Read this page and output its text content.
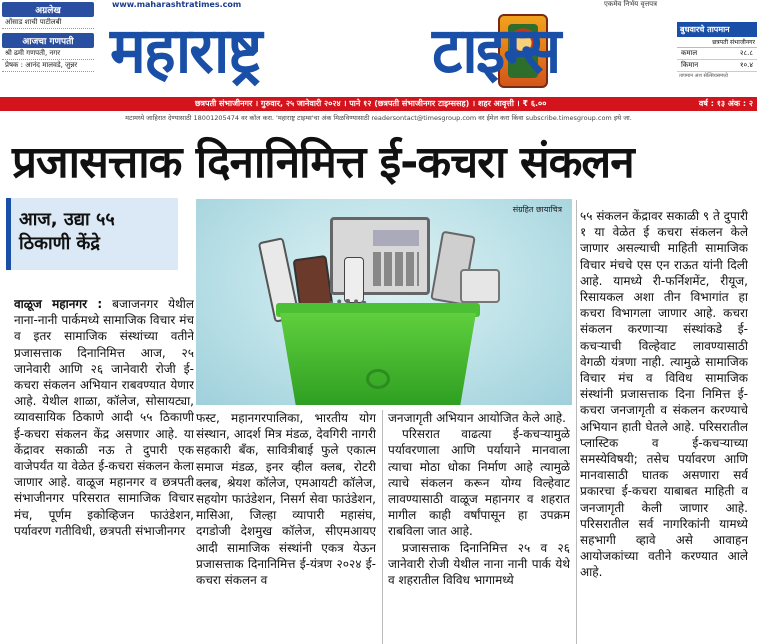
अग्रलेख
ओंसाड शाची पाटीलबी
आजचा गणपती
श्री ढमी गणपती, नगर
प्रेषक : आनंद मालवडे, जुन्नर
www.maharashtratimes.com	एकमेव निर्भय वृत्तपत्र
महाराष्ट्र	टाइम्स	बुधवारचे तापमान
छत्रपती संभाजीनगर
कमाल	२८.८
किमान	१०.४
तापमान अंश सेल्सियसमध्ये
छत्रपती संभाजीनगर । गुरुवार, २५ जानेवारी २०२४ । पाने १२ (छत्रपती संभाजीनगर टाइम्ससह) । शहर आवृत्ती । ₹ ६.००	वर्ष : १३ अंक : २
मटामध्ये जाहिरात देण्यासाठी 18001205474 वर कॉल करा. 'महाराष्ट्र टाइम्स'चा अंक मिळविण्यासाठी readersontact@timesgroup.com वर ईमेल करा किंवा subscribe.timesgroup.com इथे जा.
प्रजासत्ताक दिनानिमित्त ई-कचरा संकलन
आज, उद्या ५५ ठिकाणी केंद्रे
संग्रहित छायाचित्र

वाळूज महानगर : बजाजनगर येथील नाना-नानी पार्कमध्ये सामाजिक विचार मंच व इतर सामाजिक संस्थांच्या वतीने प्रजासत्ताक दिनानिमित्त आज, २५ जानेवारी आणि २६ जानेवारी रोजी ई-कचरा संकलन अभियान राबवण्यात येणार आहे. येथील शाळा, कॉलेज, सोसायट्या, व्यावसायिक ठिकाणे आदी ५५ ठिकाणी ई-कचरा संकलन केंद्र असणार आहे. या केंद्रावर सकाळी नऊ ते दुपारी एक वाजेपर्यंत या वेळेत ई-कचरा संकलन केला जाणार आहे. वाळूज महानगर व छत्रपती संभाजीनगर परिसरात सामाजिक विचार मंच, पूर्णम इकोव्हिजन फाउंडेशन, पर्यावरण गतीविधी, छत्रपती संभाजीनगर

फस्ट, महानगरपालिका, भारतीय योग संस्थान, आदर्श मित्र मंडळ, देवगिरी नागरी सहकारी बँक, सावित्रीबाई फुले एकात्म समाज मंडळ, इनर व्हील क्लब, रोटरी क्लब, श्रेयश कॉलेज, एमआयटी कॉलेज, सहयोग फाउंडेशन, निसर्ग सेवा फाउंडेशन, मासिआ, जिल्हा व्यापारी महासंघ, दगडोजी देशमुख कॉलेज, सीएमआयए आदी सामाजिक संस्थांनी एकत्र येऊन प्रजासत्ताक दिनानिमित्त ई-यंत्रण २०२४ ई-कचरा संकलन व

जनजागृती अभियान आयोजित केले आहे.

परिसरात वाढत्या ई-कचऱ्यामुळे पर्यावरणाला आणि पर्यायाने मानवाला त्याचा मोठा धोका निर्माण आहे त्यामुळे त्याचे संकलन करून योग्य विल्हेवाट लावण्यासाठी वाळूज महानगर व शहरात मागील काही वर्षांपासून हा उपक्रम राबविला जात आहे.

प्रजासत्ताक दिनानिमित्त २५ व २६ जानेवारी रोजी येथील नाना नानी पार्क येथे व शहरातील विविध भागामध्ये

५५ संकलन केंद्रावर सकाळी ९ ते दुपारी १ या वेळेत ई कचरा संकलन केले जाणार असल्याची माहिती सामाजिक विचार मंचचे एस एन राऊत यांनी दिली आहे. यामध्ये री-फर्निशमेंट, रीयूज, रिसायकल अशा तीन विभागांत हा कचरा विभागला जाणार आहे. कचरा संकलन करणाऱ्या संस्थांकडे ई-कचऱ्याची विल्हेवाट लावण्यासाठी वेगळी यंत्रणा नाही. त्यामुळे सामाजिक विचार मंच व विविध सामाजिक संस्थांनी प्रजासत्ताक दिना निमित्त ई-कचरा जनजागृती व संकलन करण्याचे अभियान हाती घेतले आहे. परिसरातील प्लास्टिक व ई-कचऱ्याच्या समस्येविषयी; तसेच पर्यावरण आणि मानवासाठी घातक असणारा सर्व प्रकारचा ई-कचरा याबाबत माहिती व जनजागृती केली जाणार आहे. परिसरातील सर्व नागरिकांनी यामध्ये सहभागी व्हावे असे आवाहन आयोजकांच्या वतीने करण्यात आले आहे.
